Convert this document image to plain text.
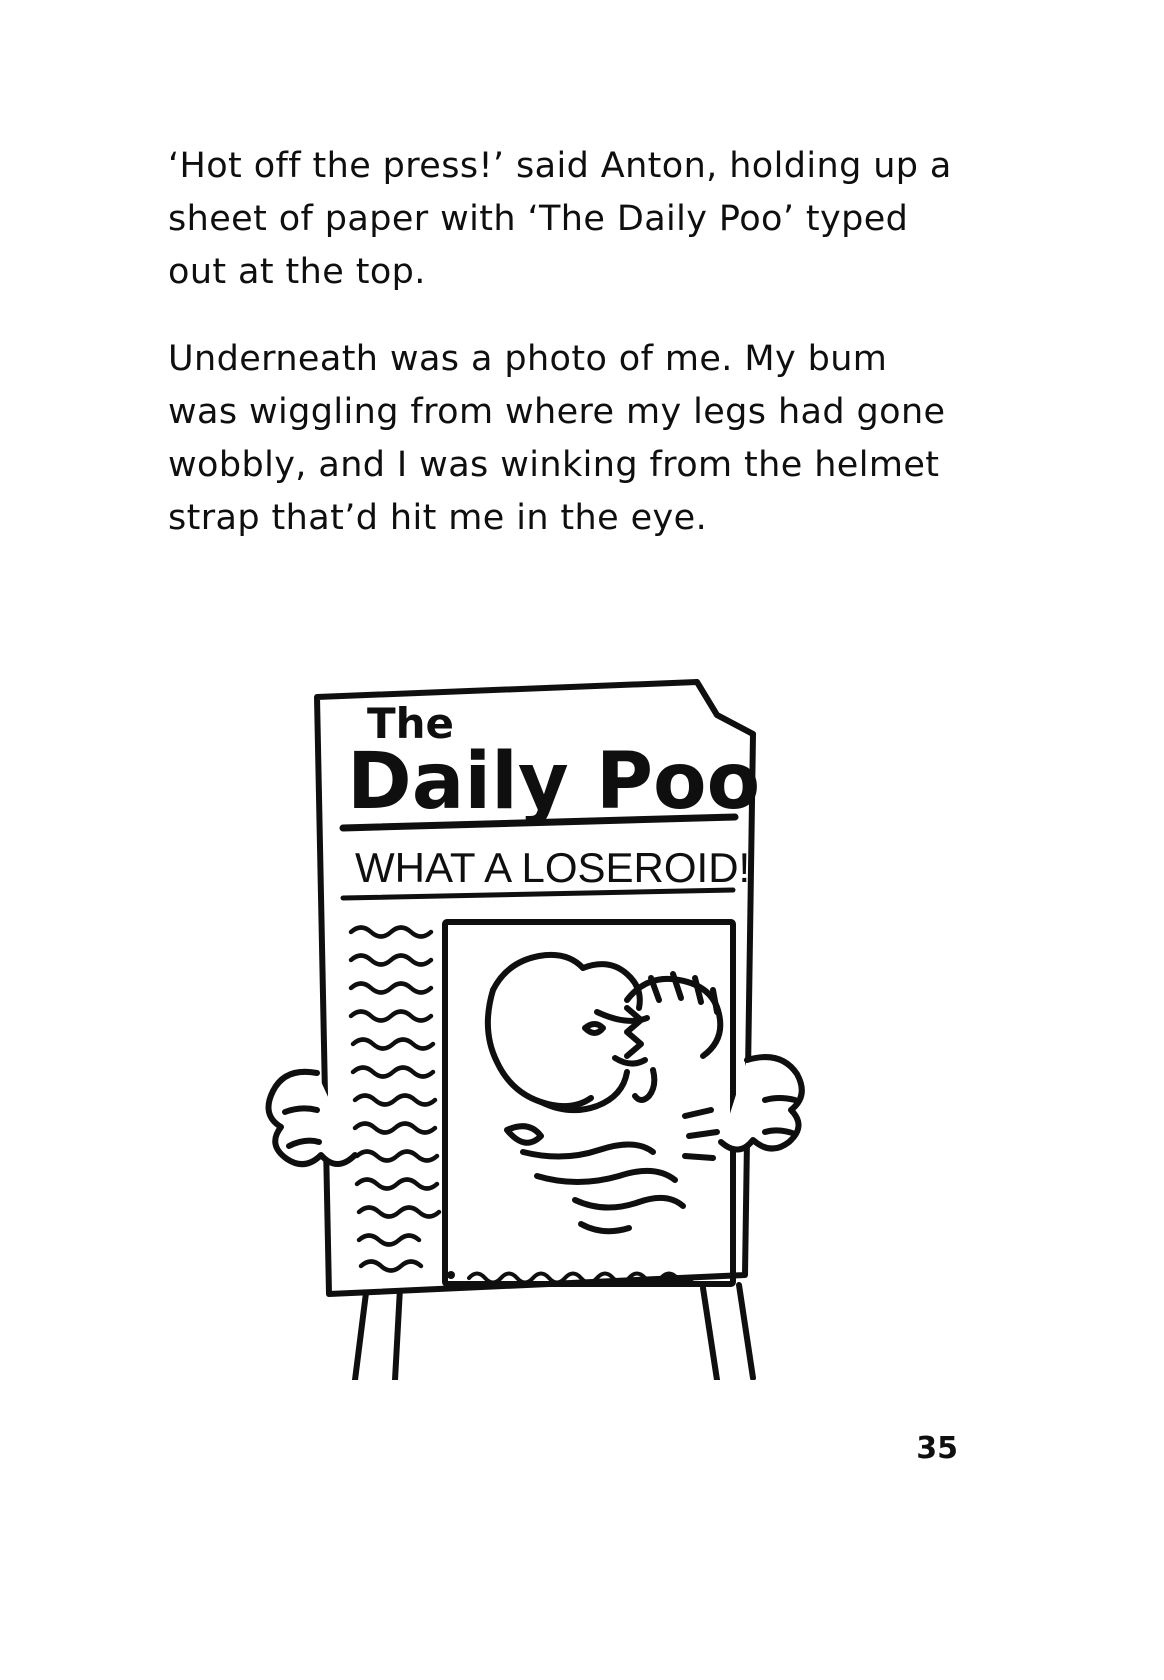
‘Hot off the press!’ said Anton, holding up a sheet of paper with ‘The Daily Poo’ typed out at the top.

Underneath was a photo of me. My bum was wiggling from where my legs had gone wobbly, and I was winking from the helmet strap that’d hit me in the eye.

The
Daily Poo
WHAT A LOSEROID!
35
